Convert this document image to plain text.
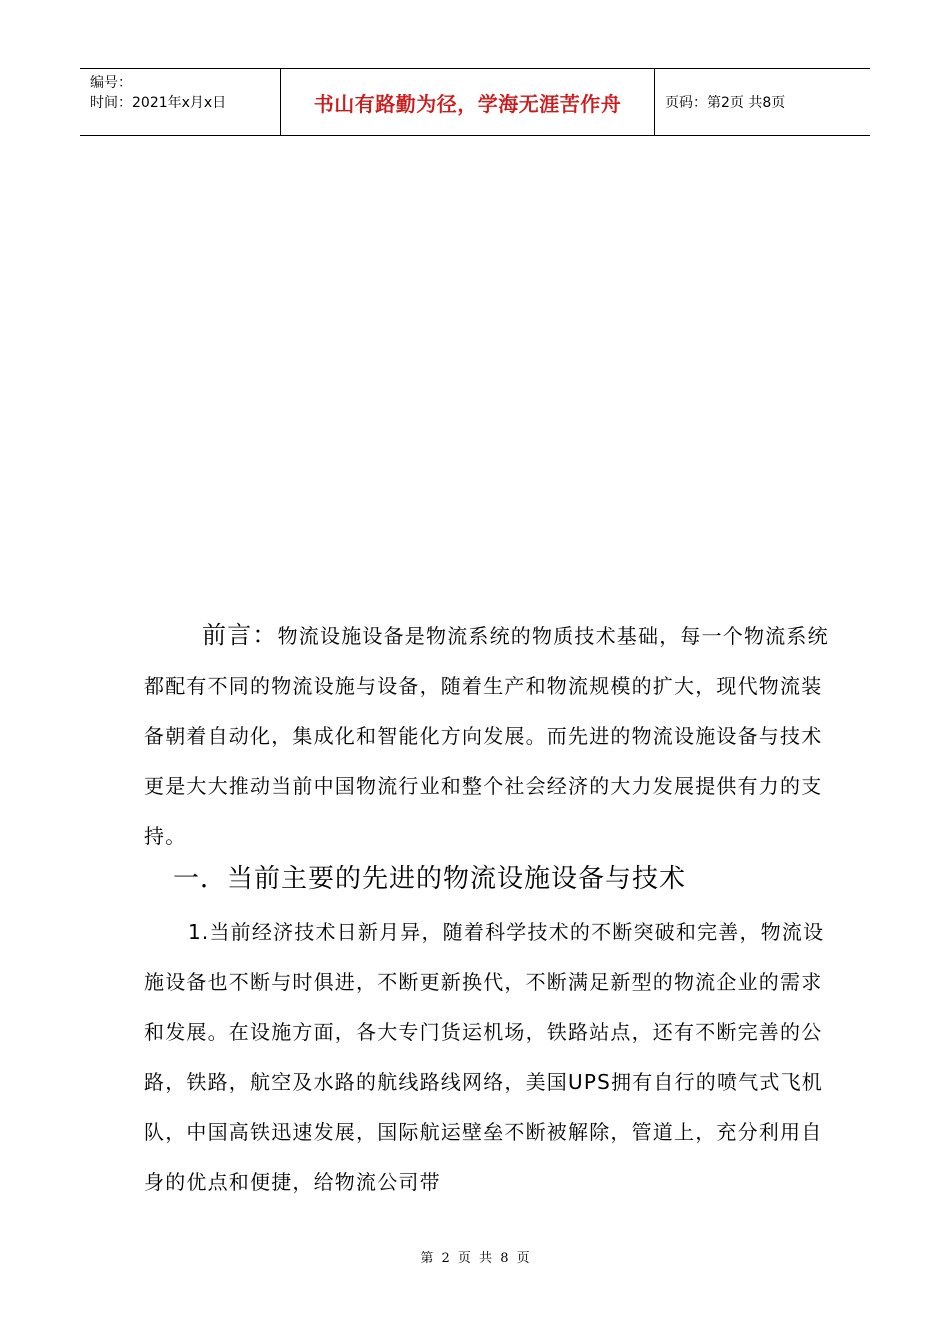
编号：
时间：2021年x月x日	书山有路勤为径，学海无涯苦作舟	页码：第2页 共8页
前言：物流设施设备是物流系统的物质技术基础，每一个物流系统都配有不同的物流设施与设备，随着生产和物流规模的扩大，现代物流装备朝着自动化，集成化和智能化方向发展。而先进的物流设施设备与技术更是大大推动当前中国物流行业和整个社会经济的大力发展提供有力的支持。
一．当前主要的先进的物流设施设备与技术
1.当前经济技术日新月异，随着科学技术的不断突破和完善，物流设施设备也不断与时俱进，不断更新换代，不断满足新型的物流企业的需求和发展。在设施方面，各大专门货运机场，铁路站点，还有不断完善的公路，铁路，航空及水路的航线路线网络，美国UPS拥有自行的喷气式飞机队，中国高铁迅速发展，国际航运壁垒不断被解除，管道上，充分利用自身的优点和便捷，给物流公司带
第 2 页 共 8 页
